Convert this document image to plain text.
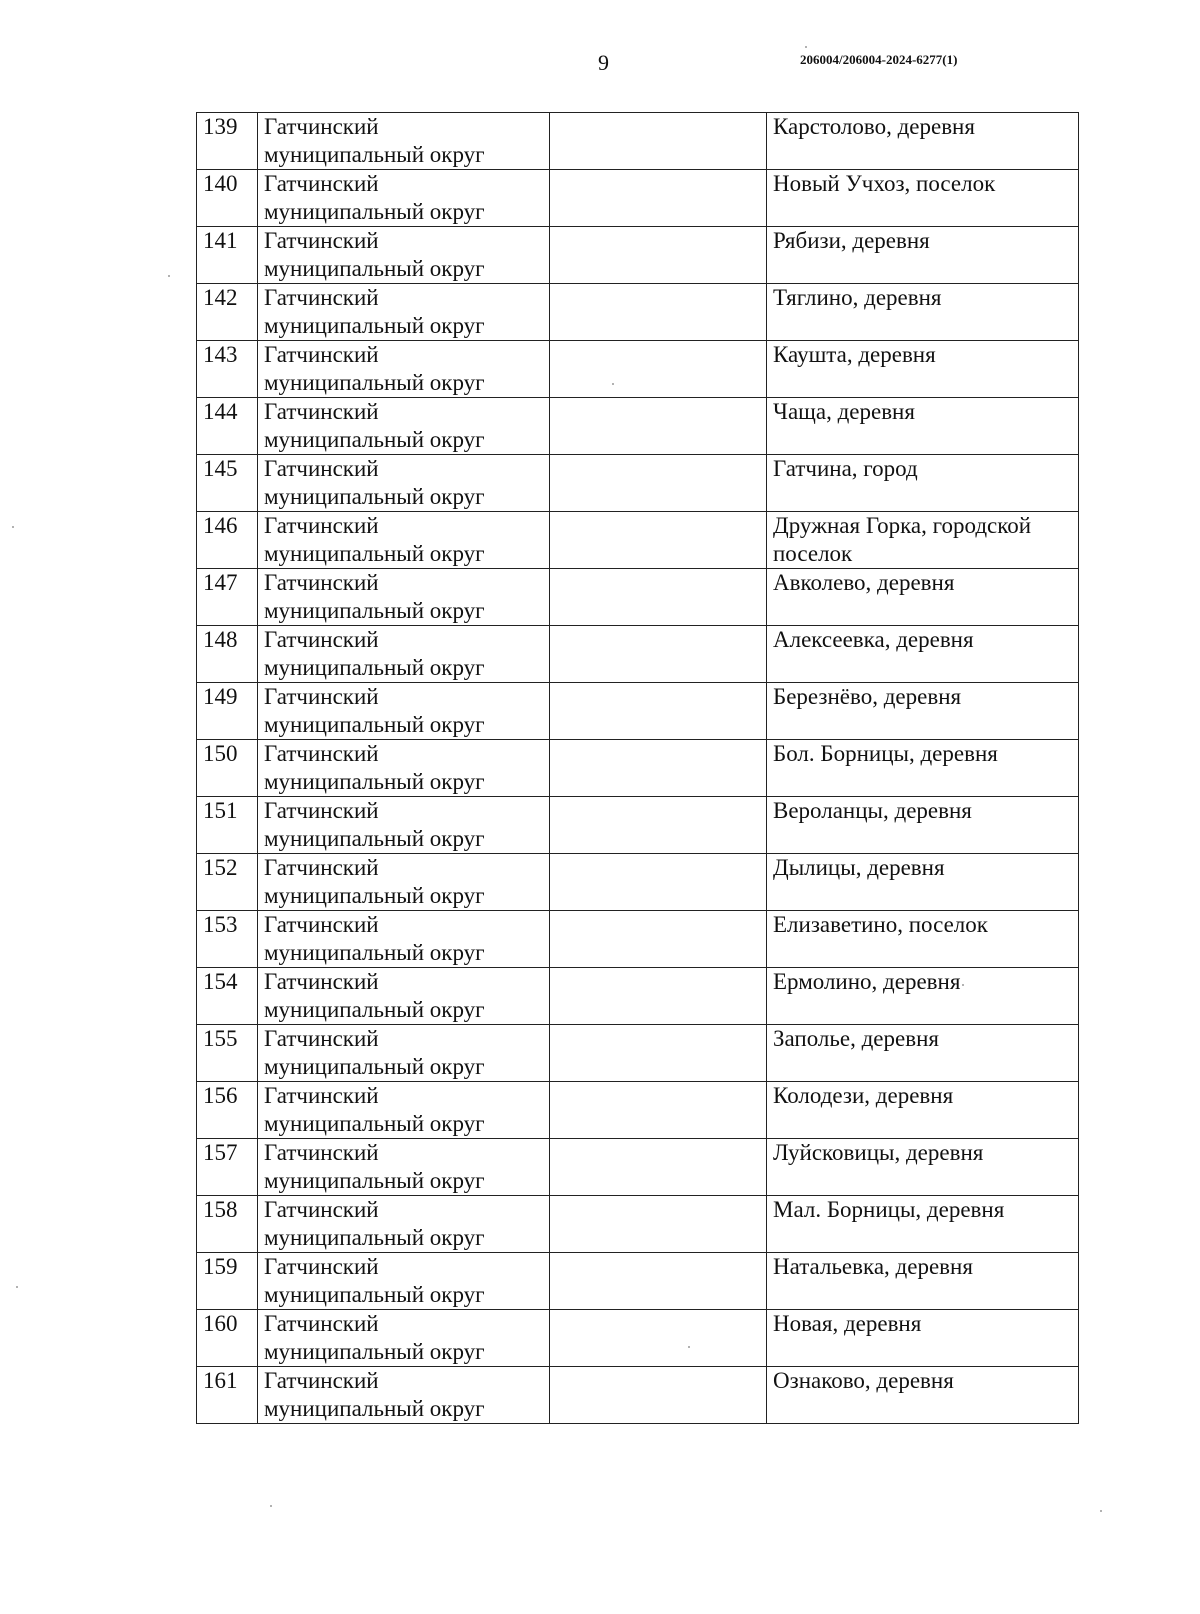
9	206004/206004-2024-6277(1)
139	Гатчинский
муниципальный округ		Карстолово, деревня
140	Гатчинский
муниципальный округ		Новый Учхоз, поселок
141	Гатчинский
муниципальный округ		Рябизи, деревня
142	Гатчинский
муниципальный округ		Тяглино, деревня
143	Гатчинский
муниципальный округ		Каушта, деревня
144	Гатчинский
муниципальный округ		Чаща, деревня
145	Гатчинский
муниципальный округ		Гатчина, город
146	Гатчинский
муниципальный округ		Дружная Горка, городской поселок
147	Гатчинский
муниципальный округ		Авколево, деревня
148	Гатчинский
муниципальный округ		Алексеевка, деревня
149	Гатчинский
муниципальный округ		Березнёво, деревня
150	Гатчинский
муниципальный округ		Бол. Борницы, деревня
151	Гатчинский
муниципальный округ		Вероланцы, деревня
152	Гатчинский
муниципальный округ		Дылицы, деревня
153	Гатчинский
муниципальный округ		Елизаветино, поселок
154	Гатчинский
муниципальный округ		Ермолино, деревня
155	Гатчинский
муниципальный округ		Заполье, деревня
156	Гатчинский
муниципальный округ		Колодези, деревня
157	Гатчинский
муниципальный округ		Луйсковицы, деревня
158	Гатчинский
муниципальный округ		Мал. Борницы, деревня
159	Гатчинский
муниципальный округ		Натальевка, деревня
160	Гатчинский
муниципальный округ		Новая, деревня
161	Гатчинский
муниципальный округ		Ознаково, деревня
